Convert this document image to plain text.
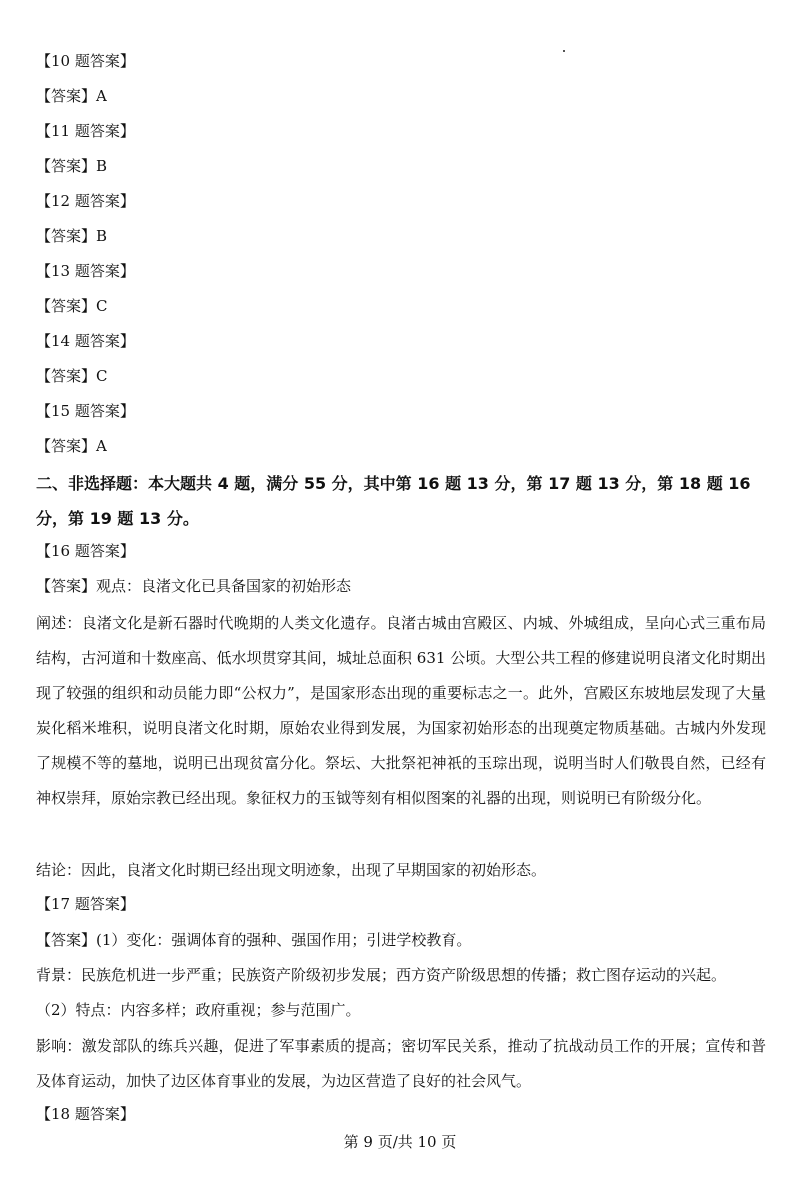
【10 题答案】
【答案】A
【11 题答案】
【答案】B
【12 题答案】
【答案】B
【13 题答案】
【答案】C
【14 题答案】
【答案】C
【15 题答案】
【答案】A
二、非选择题：本大题共 4 题，满分 55 分，其中第 16 题 13 分，第 17 题 13 分，第 18 题 16 分，第 19 题 13 分。
【16 题答案】
【答案】观点：良渚文化已具备国家的初始形态
阐述：良渚文化是新石器时代晚期的人类文化遗存。良渚古城由宫殿区、内城、外城组成，呈向心式三重布局结构，古河道和十数座高、低水坝贯穿其间，城址总面积 631 公顷。大型公共工程的修建说明良渚文化时期出现了较强的组织和动员能力即“公权力”，是国家形态出现的重要标志之一。此外，宫殿区东坡地层发现了大量炭化稻米堆积，说明良渚文化时期，原始农业得到发展，为国家初始形态的出现奠定物质基础。古城内外发现了规模不等的墓地，说明已出现贫富分化。祭坛、大批祭祀神祇的玉琮出现，说明当时人们敬畏自然，已经有神权崇拜，原始宗教已经出现。象征权力的玉钺等刻有相似图案的礼器的出现，则说明已有阶级分化。
结论：因此，良渚文化时期已经出现文明迹象，出现了早期国家的初始形态。
【17 题答案】
【答案】(1）变化：强调体育的强种、强国作用；引进学校教育。
背景：民族危机进一步严重；民族资产阶级初步发展；西方资产阶级思想的传播；救亡图存运动的兴起。
（2）特点：内容多样；政府重视；参与范围广。
影响：激发部队的练兵兴趣，促进了军事素质的提高；密切军民关系，推动了抗战动员工作的开展；宣传和普及体育运动，加快了边区体育事业的发展，为边区营造了良好的社会风气。
【18 题答案】
第 9 页/共 10 页
